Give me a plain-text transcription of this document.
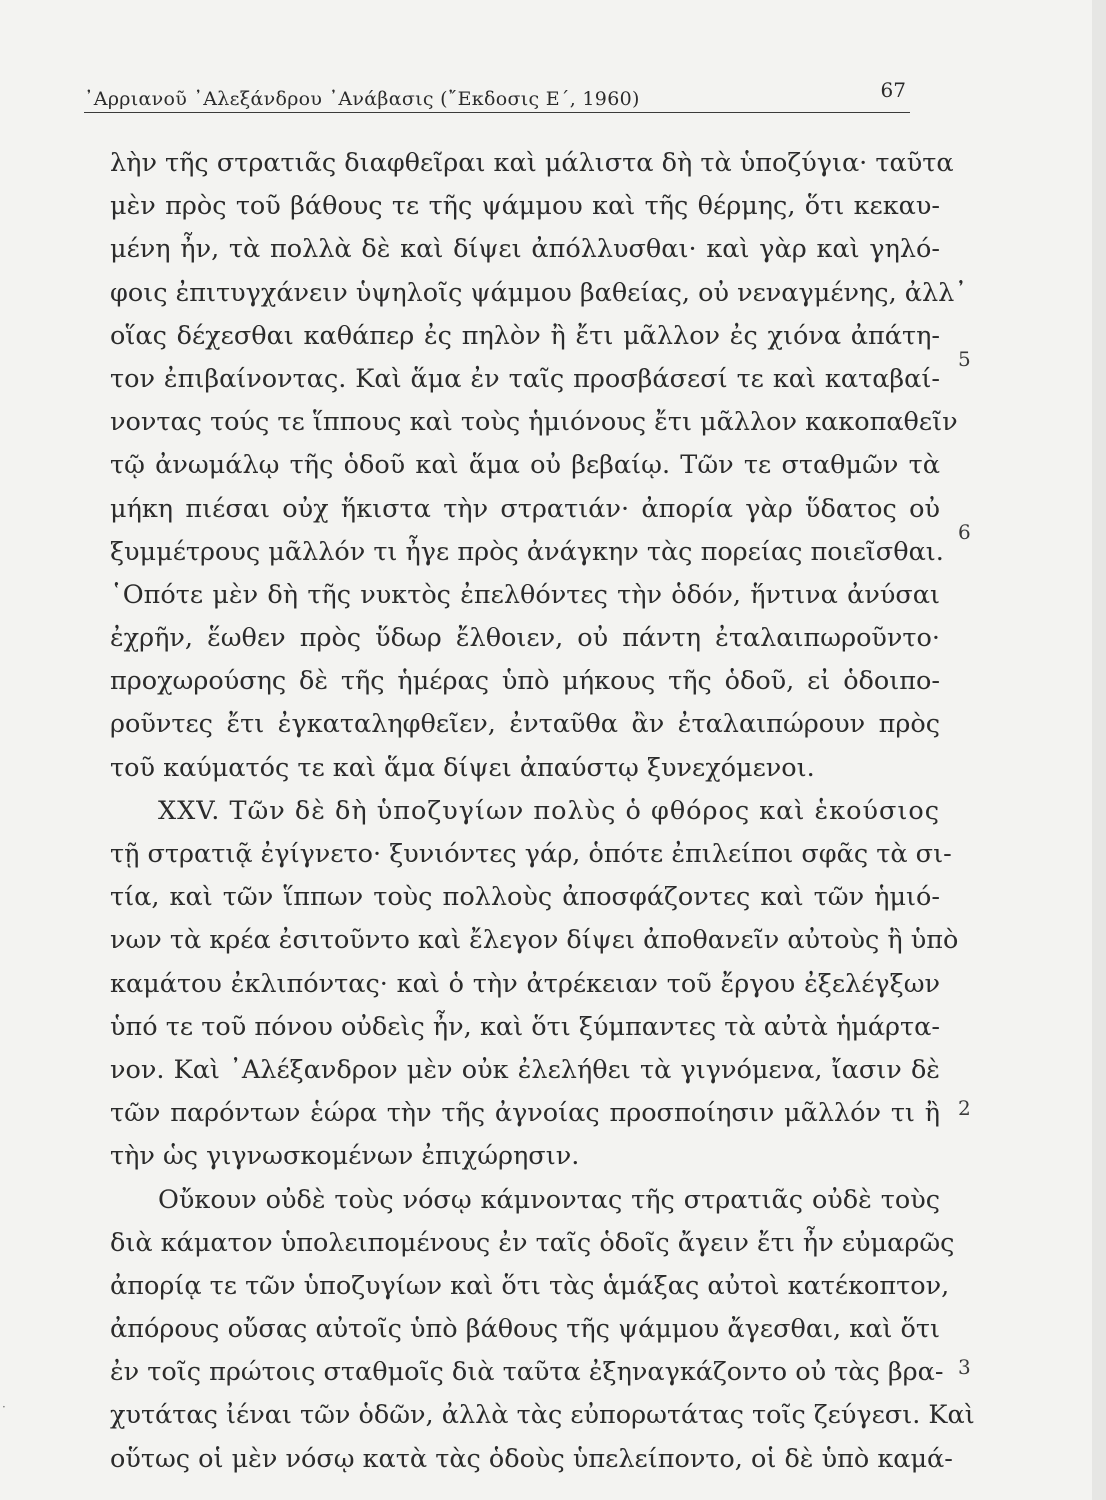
᾿Αρριανοῦ ᾿Αλεξάνδρου ᾿Ανάβασις (῎Εκδοσις Ε΄, 1960)	67
λὴν τῆς στρατιᾶς διαφθεῖραι καὶ μάλιστα δὴ τὰ ὑποζύγια· ταῦτα
μὲν πρὸς τοῦ βάθους τε τῆς ψάμμου καὶ τῆς θέρμης, ὅτι κεκαυ-
μένη ἦν, τὰ πολλὰ δὲ καὶ δίψει ἀπόλλυσθαι· καὶ γὰρ καὶ γηλό-
φοις ἐπιτυγχάνειν ὑψηλοῖς ψάμμου βαθείας, οὐ νεναγμένης, ἀλλ᾿
οἵας δέχεσθαι καθάπερ ἐς πηλὸν ἢ ἔτι μᾶλλον ἐς χιόνα ἀπάτη-
τον ἐπιβαίνοντας. Καὶ ἅμα ἐν ταῖς προσβάσεσί τε καὶ καταβαί-
νοντας τούς τε ἵππους καὶ τοὺς ἡμιόνους ἔτι μᾶλλον κακοπαθεῖν
τῷ ἀνωμάλῳ τῆς ὁδοῦ καὶ ἅμα οὐ βεβαίῳ. Τῶν τε σταθμῶν τὰ
μήκη πιέσαι οὐχ ἥκιστα τὴν στρατιάν· ἀπορία γὰρ ὕδατος οὐ
ξυμμέτρους μᾶλλόν τι ἦγε πρὸς ἀνάγκην τὰς πορείας ποιεῖσθαι.
῾Οπότε μὲν δὴ τῆς νυκτὸς ἐπελθόντες τὴν ὁδόν, ἥντινα ἀνύσαι
ἐχρῆν, ἕωθεν πρὸς ὕδωρ ἔλθοιεν, οὐ πάντη ἐταλαιπωροῦντο·
προχωρούσης δὲ τῆς ἡμέρας ὑπὸ μήκους τῆς ὁδοῦ, εἰ ὁδοιπο-
ροῦντες ἔτι ἐγκαταληφθεῖεν, ἐνταῦθα ἂν ἐταλαιπώρουν πρὸς
τοῦ καύματός τε καὶ ἅμα δίψει ἀπαύστῳ ξυνεχόμενοι.
XXV. Τῶν δὲ δὴ ὑποζυγίων πολὺς ὁ φθόρος καὶ ἑκούσιος
τῇ στρατιᾷ ἐγίγνετο· ξυνιόντες γάρ, ὁπότε ἐπιλείποι σφᾶς τὰ σι-
τία, καὶ τῶν ἵππων τοὺς πολλοὺς ἀποσφάζοντες καὶ τῶν ἡμιό-
νων τὰ κρέα ἐσιτοῦντο καὶ ἔλεγον δίψει ἀποθανεῖν αὐτοὺς ἢ ὑπὸ
καμάτου ἐκλιπόντας· καὶ ὁ τὴν ἀτρέκειαν τοῦ ἔργου ἐξελέγξων
ὑπό τε τοῦ πόνου οὐδεὶς ἦν, καὶ ὅτι ξύμπαντες τὰ αὐτὰ ἡμάρτα-
νον. Καὶ ᾿Αλέξανδρον μὲν οὐκ ἐλελήθει τὰ γιγνόμενα, ἴασιν δὲ
τῶν παρόντων ἑώρα τὴν τῆς ἀγνοίας προσποίησιν μᾶλλόν τι ἢ
τὴν ὡς γιγνωσκομένων ἐπιχώρησιν.
Οὔκουν οὐδὲ τοὺς νόσῳ κάμνοντας τῆς στρατιᾶς οὐδὲ τοὺς
διὰ κάματον ὑπολειπομένους ἐν ταῖς ὁδοῖς ἄγειν ἔτι ἦν εὐμαρῶς
ἀπορίᾳ τε τῶν ὑποζυγίων καὶ ὅτι τὰς ἁμάξας αὐτοὶ κατέκοπτον,
ἀπόρους οὔσας αὐτοῖς ὑπὸ βάθους τῆς ψάμμου ἄγεσθαι, καὶ ὅτι
ἐν τοῖς πρώτοις σταθμοῖς διὰ ταῦτα ἐξηναγκάζοντο οὐ τὰς βρα-
χυτάτας ἰέναι τῶν ὁδῶν, ἀλλὰ τὰς εὐπορωτάτας τοῖς ζεύγεσι. Καὶ
οὕτως οἱ μὲν νόσῳ κατὰ τὰς ὁδοὺς ὑπελείποντο, οἱ δὲ ὑπὸ καμά-
5
6
2
3
·
